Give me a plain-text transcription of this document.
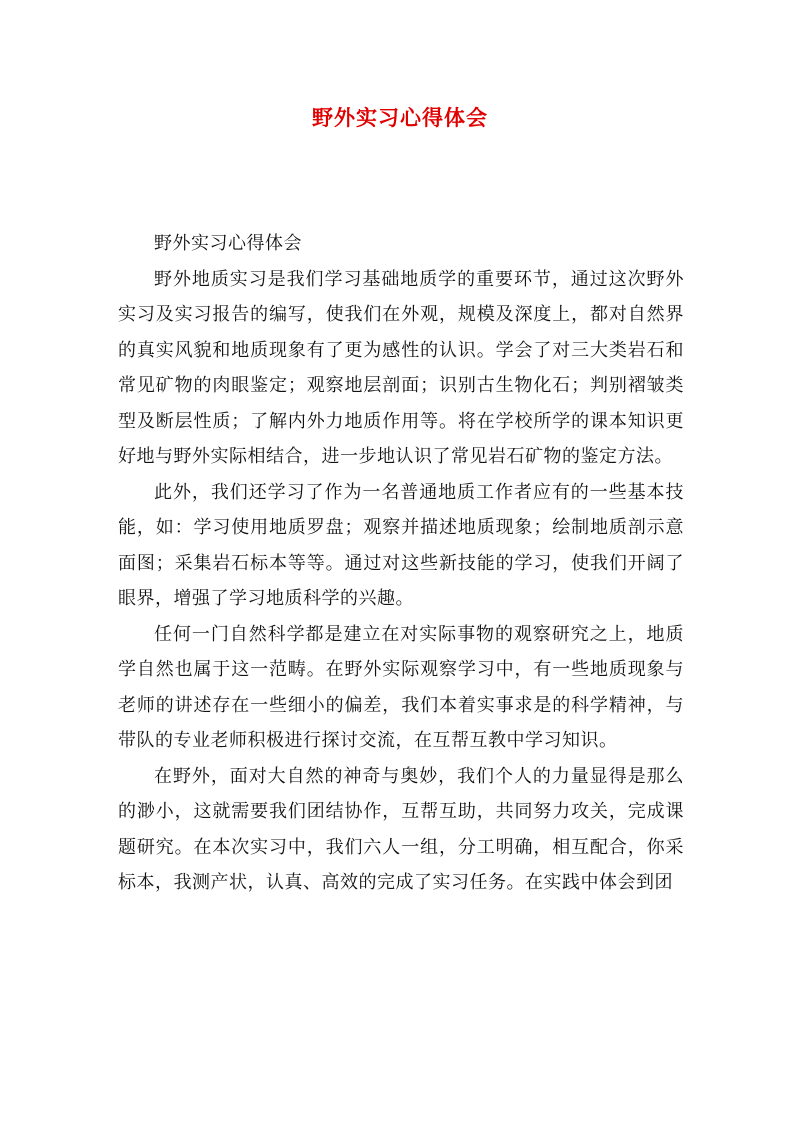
野外实习心得体会

野外实习心得体会

野外地质实习是我们学习基础地质学的重要环节，通过这次野外实习及实习报告的编写，使我们在外观，规模及深度上，都对自然界的真实风貌和地质现象有了更为感性的认识。学会了对三大类岩石和常见矿物的肉眼鉴定；观察地层剖面；识别古生物化石；判别褶皱类型及断层性质；了解内外力地质作用等。将在学校所学的课本知识更好地与野外实际相结合，进一步地认识了常见岩石矿物的鉴定方法。

此外，我们还学习了作为一名普通地质工作者应有的一些基本技能，如：学习使用地质罗盘；观察并描述地质现象；绘制地质剖示意面图；采集岩石标本等等。通过对这些新技能的学习，使我们开阔了眼界，增强了学习地质科学的兴趣。

任何一门自然科学都是建立在对实际事物的观察研究之上，地质学自然也属于这一范畴。在野外实际观察学习中，有一些地质现象与老师的讲述存在一些细小的偏差，我们本着实事求是的科学精神，与带队的专业老师积极进行探讨交流，在互帮互教中学习知识。

在野外，面对大自然的神奇与奥妙，我们个人的力量显得是那么的渺小，这就需要我们团结协作，互帮互助，共同努力攻关，完成课题研究。在本次实习中，我们六人一组，分工明确，相互配合，你采标本，我测产状，认真、高效的完成了实习任务。在实践中体会到团
